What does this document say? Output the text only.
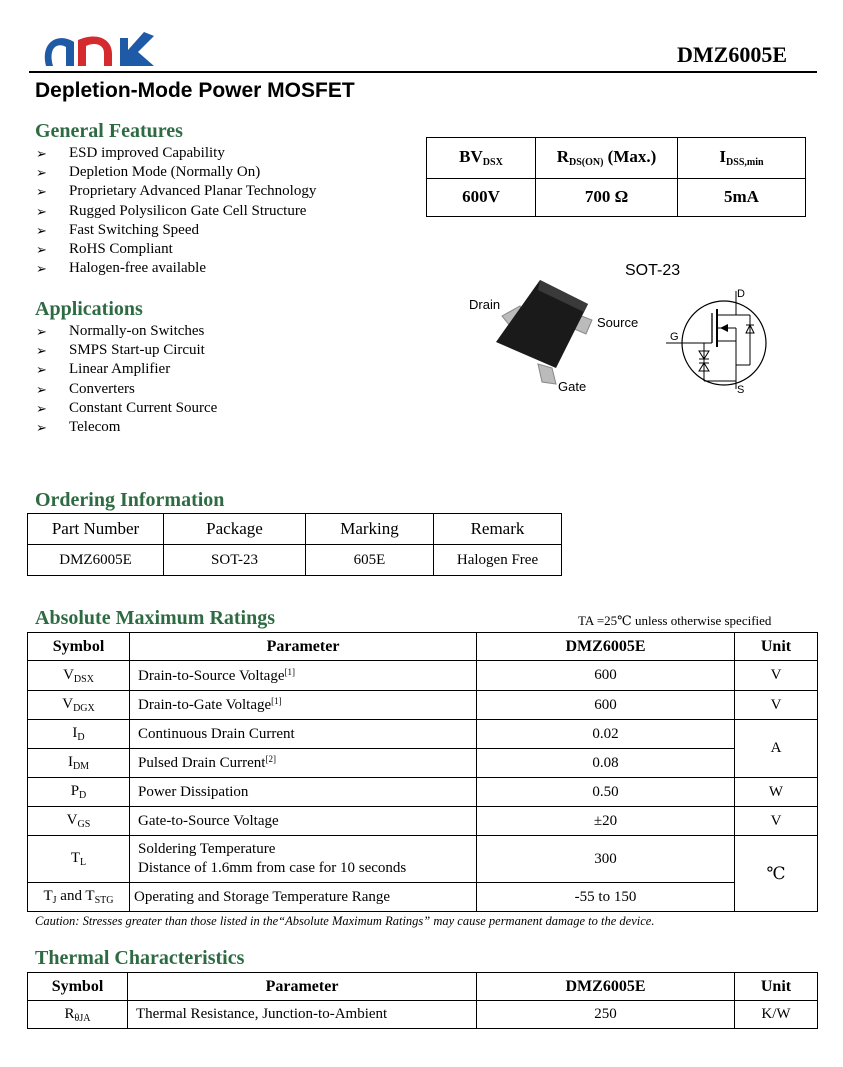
DMZ6005E
Depletion-Mode Power MOSFET
General Features
➢ ESD improved Capability
➢ Depletion Mode (Normally On)
➢ Proprietary Advanced Planar Technology
➢ Rugged Polysilicon Gate Cell Structure
➢ Fast Switching Speed
➢ RoHS Compliant
➢ Halogen-free available
Applications
➢ Normally-on Switches
➢ SMPS Start-up Circuit
➢ Linear Amplifier
➢ Converters
➢ Constant Current Source
➢ Telecom
$BV_{DSX}$	$R_{DS(ON)}$ (Max.)	$I_{DSS,min}$
600V	700 Ω	5mA
SOT-23
Drain
Source
Gate
D
G
S
Ordering Information
Part Number	Package	Marking	Remark
DMZ6005E	SOT-23	605E	Halogen Free
Absolute Maximum Ratings	TA =25℃ unless otherwise specified
Symbol	Parameter	DMZ6005E	Unit
$V_{DSX}$	Drain-to-Source Voltage[1]	600	V
$V_{DGX}$	Drain-to-Gate Voltage[1]	600	V
$I_D$	Continuous Drain Current	0.02	A
$I_{DM}$	Pulsed Drain Current[2]	0.08	
$P_D$	Power Dissipation	0.50	W
$V_{GS}$	Gate-to-Source Voltage	±20	V
$T_L$	Soldering Temperature
Distance of 1.6mm from case for 10 seconds	300	℃
$T_J$ and $T_{STG}$	Operating and Storage Temperature Range	-55 to 150	
Caution: Stresses greater than those listed in the“Absolute Maximum Ratings” may cause permanent damage to the device.
Thermal Characteristics
Symbol	Parameter	DMZ6005E	Unit
$R_{\theta JA}$	Thermal Resistance, Junction-to-Ambient	250	K/W
